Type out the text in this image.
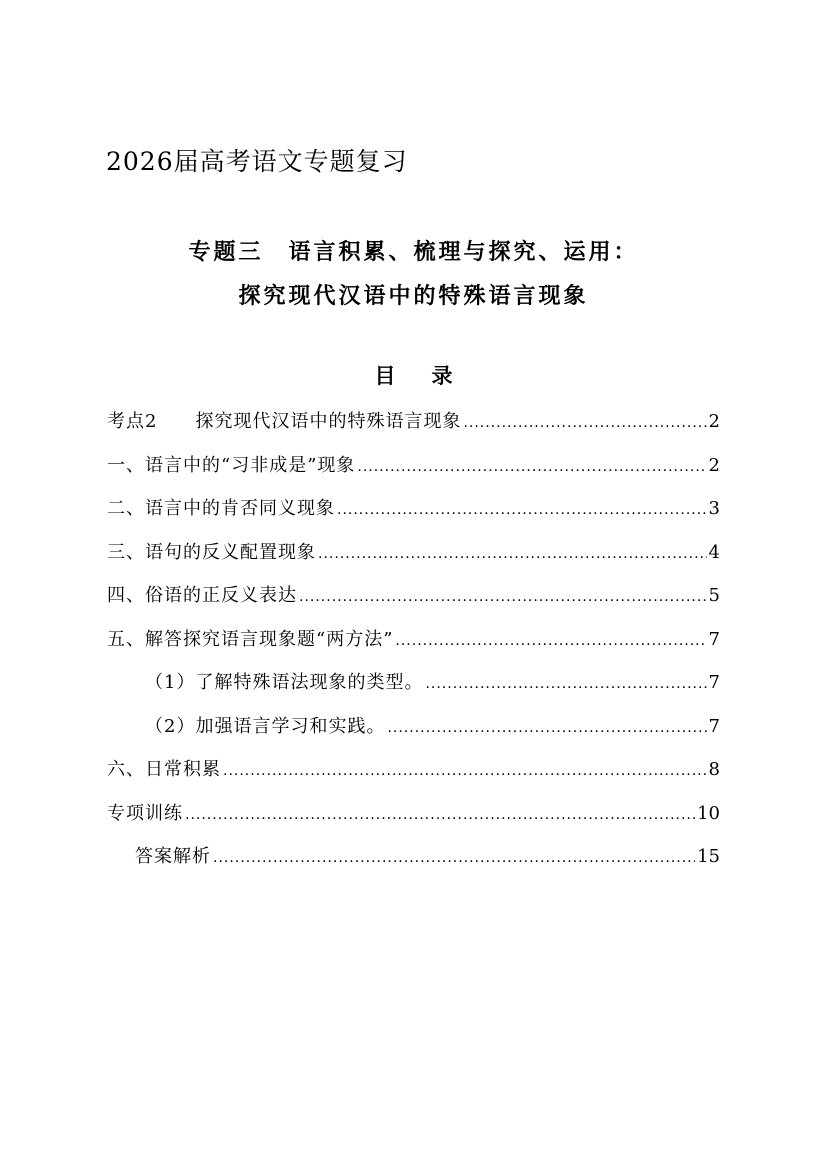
2026届高考语文专题复习
专题三　语言积累、梳理与探究、运用：
探究现代汉语中的特殊语言现象
目录
考点2　　探究现代汉语中的特殊语言现象 .....	2
一、语言中的“习非成是”现象 .....	2
二、语言中的肯否同义现象 .....	3
三、语句的反义配置现象 .....	4
四、俗语的正反义表达 .....	5
五、解答探究语言现象题“两方法” .....	7
（1）了解特殊语法现象的类型。 .....	7
（2）加强语言学习和实践。 .....	7
六、日常积累 .....	8
专项训练 .....	10
答案解析 .....	15
